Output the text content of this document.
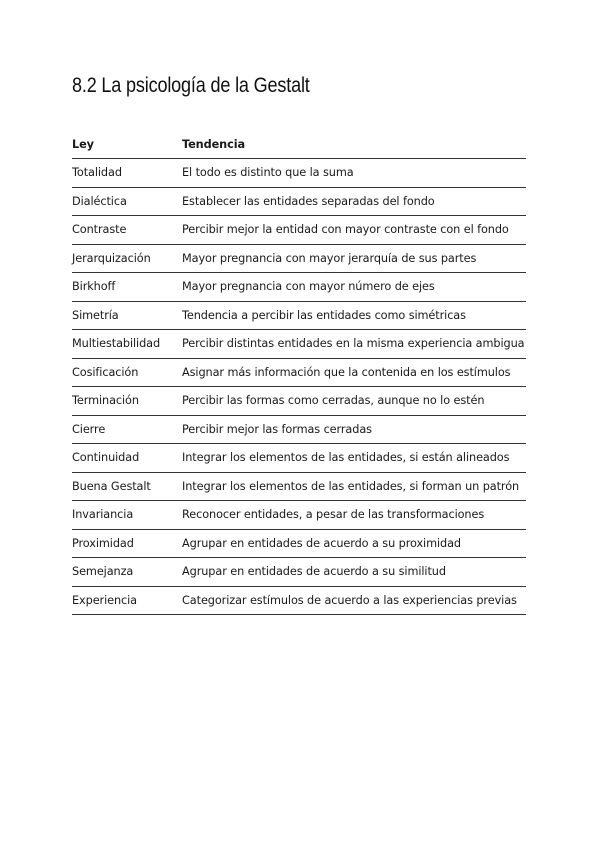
8.2 La psicología de la Gestalt
Ley	Tendencia
Totalidad	El todo es distinto que la suma
Dialéctica	Establecer las entidades separadas del fondo
Contraste	Percibir mejor la entidad con mayor contraste con el fondo
Jerarquización	Mayor pregnancia con mayor jerarquía de sus partes
Birkhoff	Mayor pregnancia con mayor número de ejes
Simetría	Tendencia a percibir las entidades como simétricas
Multiestabilidad	Percibir distintas entidades en la misma experiencia ambigua
Cosificación	Asignar más información que la contenida en los estímulos
Terminación	Percibir las formas como cerradas, aunque no lo estén
Cierre	Percibir mejor las formas cerradas
Continuidad	Integrar los elementos de las entidades, si están alineados
Buena Gestalt	Integrar los elementos de las entidades, si forman un patrón
Invariancia	Reconocer entidades, a pesar de las transformaciones
Proximidad	Agrupar en entidades de acuerdo a su proximidad
Semejanza	Agrupar en entidades de acuerdo a su similitud
Experiencia	Categorizar estímulos de acuerdo a las experiencias previas
